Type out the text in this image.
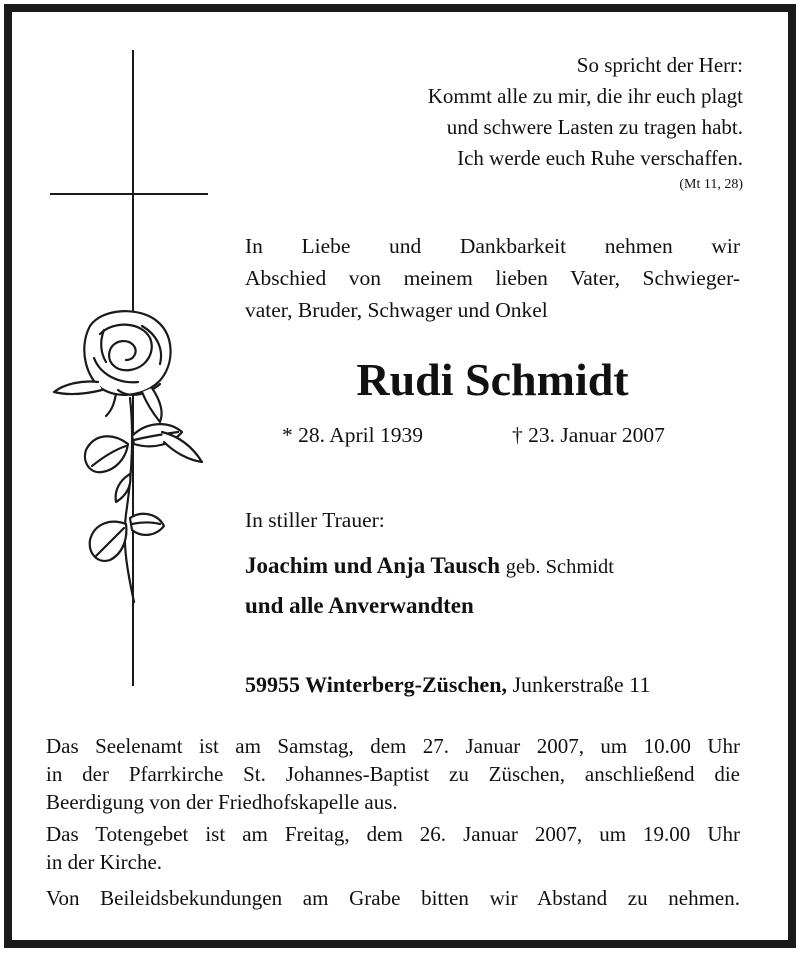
So spricht der Herr:
Kommt alle zu mir, die ihr euch plagt
und schwere Lasten zu tragen habt.
Ich werde euch Ruhe verschaffen.
(Mt 11, 28)
In Liebe und Dankbarkeit nehmen wir
Abschied von meinem lieben Vater, Schwieger-
vater, Bruder, Schwager und Onkel
Rudi Schmidt
* 28. April 1939	† 23. Januar 2007
In stiller Trauer:
Joachim und Anja Tausch geb. Schmidt
und alle Anverwandten
59955 Winterberg-Züschen, Junkerstraße 11
Das Seelenamt ist am Samstag, dem 27. Januar 2007, um 10.00 Uhr
in der Pfarrkirche St. Johannes-Baptist zu Züschen, anschließend die
Beerdigung von der Friedhofskapelle aus.
Das Totengebet ist am Freitag, dem 26. Januar 2007, um 19.00 Uhr
in der Kirche.
Von Beileidsbekundungen am Grabe bitten wir Abstand zu nehmen.
